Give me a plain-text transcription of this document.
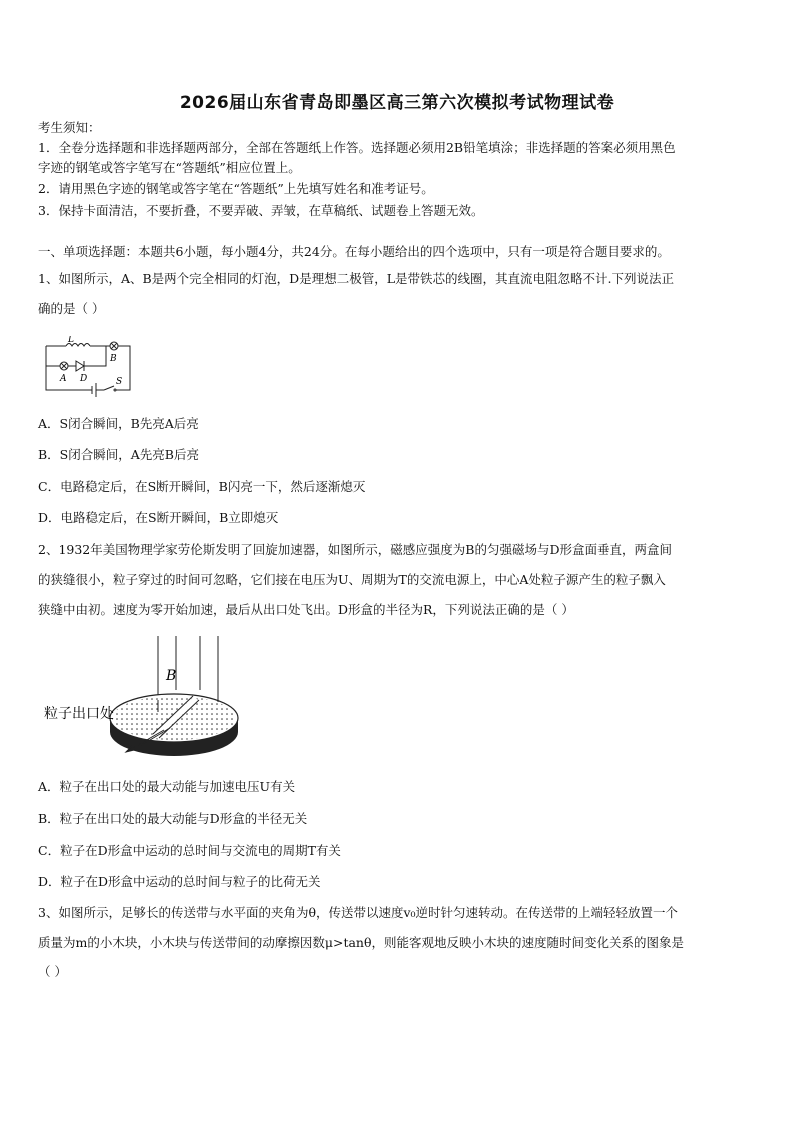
2026届山东省青岛即墨区高三第六次模拟考试物理试卷
考生须知：
1．全卷分选择题和非选择题两部分，全部在答题纸上作答。选择题必须用2B铅笔填涂；非选择题的答案必须用黑色
字迹的钢笔或答字笔写在“答题纸”相应位置上。
2．请用黑色字迹的钢笔或答字笔在“答题纸”上先填写姓名和准考证号。
3．保持卡面清洁，不要折叠，不要弄破、弄皱，在草稿纸、试题卷上答题无效。
一、单项选择题：本题共6小题，每小题4分，共24分。在每小题给出的四个选项中，只有一项是符合题目要求的。
1、如图所示，A、B是两个完全相同的灯泡，D是理想二极管，L是带铁芯的线圈，其直流电阻忽略不计.下列说法正
确的是（ ）
L
B
A D	S
A．S闭合瞬间，B先亮A后亮
B．S闭合瞬间，A先亮B后亮
C．电路稳定后，在S断开瞬间，B闪亮一下，然后逐渐熄灭
D．电路稳定后，在S断开瞬间，B立即熄灭
2、1932年美国物理学家劳伦斯发明了回旋加速器，如图所示，磁感应强度为B的匀强磁场与D形盒面垂直，两盒间
的狭缝很小，粒子穿过的时间可忽略，它们接在电压为U、周期为T的交流电源上，中心A处粒子源产生的粒子飘入
狭缝中由初。速度为零开始加速，最后从出口处飞出。D形盒的半径为R，下列说法正确的是（ ）
B
粒子出口处
A．粒子在出口处的最大动能与加速电压U有关
B．粒子在出口处的最大动能与D形盒的半径无关
C．粒子在D形盒中运动的总时间与交流电的周期T有关
D．粒子在D形盒中运动的总时间与粒子的比荷无关
3、如图所示，足够长的传送带与水平面的夹角为θ，传送带以速度v₀逆时针匀速转动。在传送带的上端轻轻放置一个
质量为m的小木块，小木块与传送带间的动摩擦因数μ>tanθ，则能客观地反映小木块的速度随时间变化关系的图象是
（ ）
